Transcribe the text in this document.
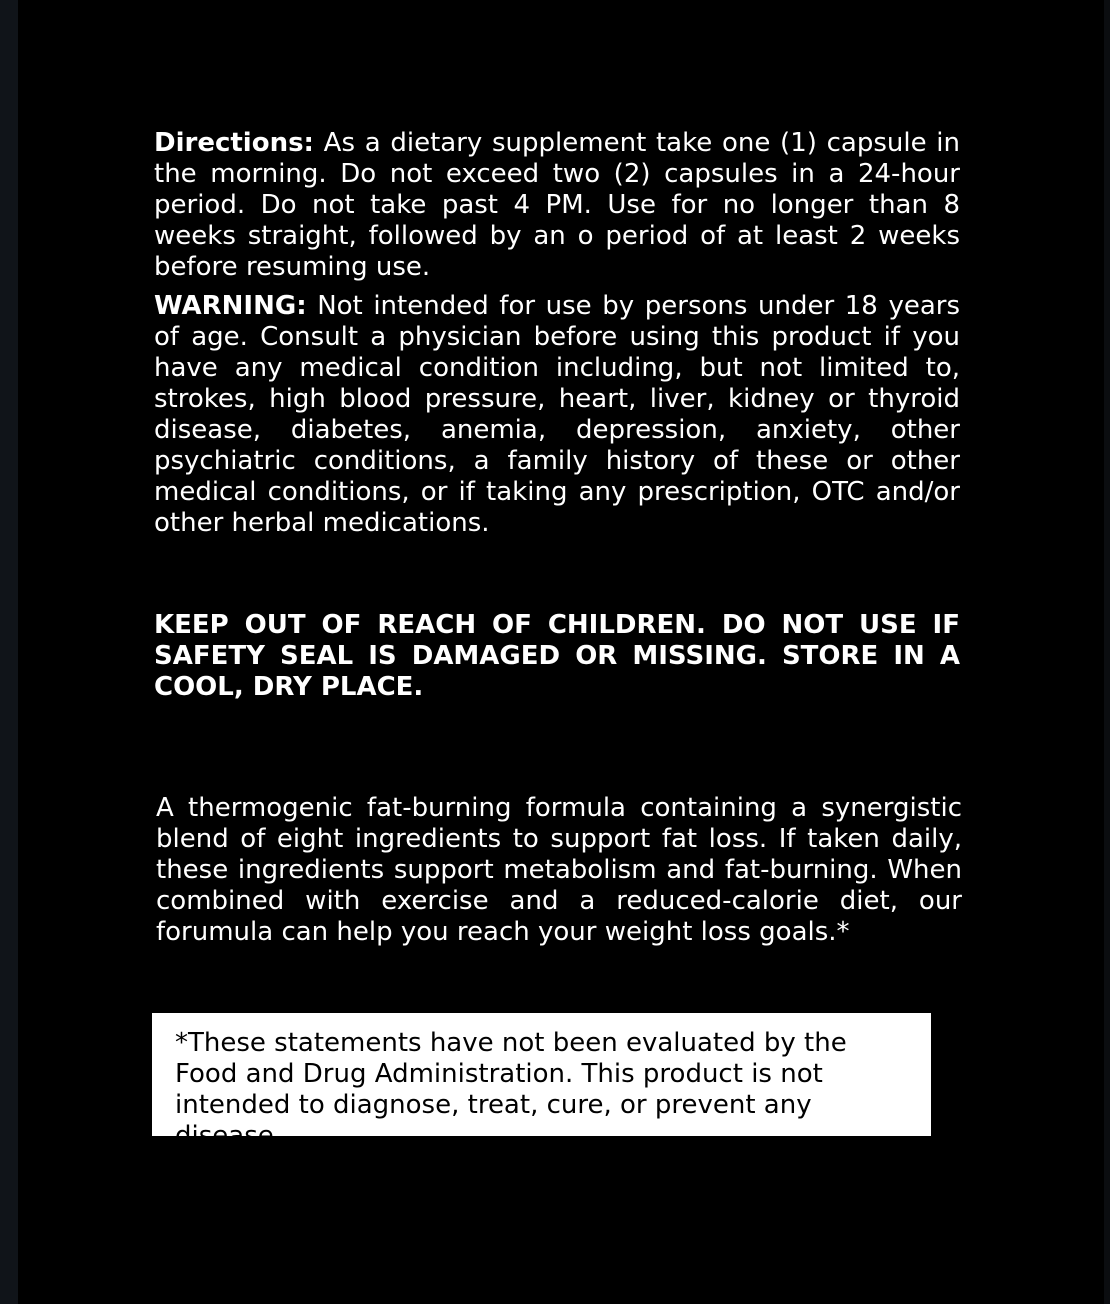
Directions: As a dietary supplement take one (1) capsule in the morning. Do not exceed two (2) capsules in a 24-hour period. Do not take past 4 PM. Use for no longer than 8 weeks straight, followed by an o period of at least 2 weeks before resuming use.

WARNING: Not intended for use by persons under 18 years of age. Consult a physician before using this product if you have any medical condition including, but not limited to, strokes, high blood pressure, heart, liver, kidney or thyroid disease, diabetes, anemia, depression, anxiety, other psychiatric conditions, a family history of these or other medical conditions, or if taking any prescription, OTC and/or other herbal medications.

KEEP OUT OF REACH OF CHILDREN. DO NOT USE IF SAFETY SEAL IS DAMAGED OR MISSING. STORE IN A COOL, DRY PLACE.

A thermogenic fat-burning formula containing a synergistic blend of eight ingredients to support fat loss. If taken daily, these ingredients support metabolism and fat-burning. When combined with exercise and a reduced-calorie diet, our forumula can help you reach your weight loss goals.*

*These statements have not been evaluated by the Food and Drug Administration. This product is not intended to diagnose, treat, cure, or prevent any disease.
